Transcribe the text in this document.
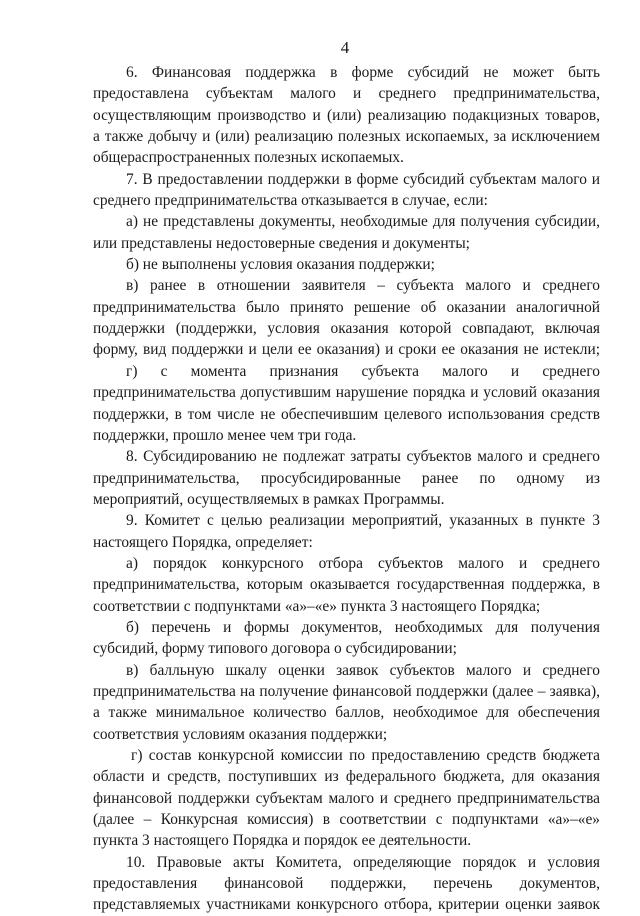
4
6. Финансовая поддержка в форме субсидий не может быть
предоставлена субъектам малого и среднего предпринимательства,
осуществляющим производство и (или) реализацию подакцизных товаров,
а также добычу и (или) реализацию полезных ископаемых, за исключением
общераспространенных полезных ископаемых.
7. В предоставлении поддержки в форме субсидий субъектам малого и
среднего предпринимательства отказывается в случае, если:
а) не представлены документы, необходимые для получения субсидии,
или представлены недостоверные сведения и документы;
б) не выполнены условия оказания поддержки;
в) ранее в отношении заявителя – субъекта малого и среднего
предпринимательства было принято решение об оказании аналогичной
поддержки (поддержки, условия оказания которой совпадают, включая
форму, вид поддержки и цели ее оказания) и сроки ее оказания не истекли;
г) с момента признания субъекта малого и среднего
предпринимательства допустившим нарушение порядка и условий оказания
поддержки, в том числе не обеспечившим целевого использования средств
поддержки, прошло менее чем три года.
8. Субсидированию не подлежат затраты субъектов малого и среднего
предпринимательства, просубсидированные ранее по одному из
мероприятий, осуществляемых в рамках Программы.
9. Комитет с целью реализации мероприятий, указанных в пункте 3
настоящего Порядка, определяет:
а) порядок конкурсного отбора субъектов малого и среднего
предпринимательства, которым оказывается государственная поддержка, в
соответствии с подпунктами «а»–«е» пункта 3 настоящего Порядка;
б) перечень и формы документов, необходимых для получения
субсидий, форму типового договора о субсидировании;
в) балльную шкалу оценки заявок субъектов малого и среднего
предпринимательства на получение финансовой поддержки (далее – заявка),
а также минимальное количество баллов, необходимое для обеспечения
соответствия условиям оказания поддержки;
г) состав конкурсной комиссии по предоставлению средств бюджета
области и средств, поступивших из федерального бюджета, для оказания
финансовой поддержки субъектам малого и среднего предпринимательства
(далее – Конкурсная комиссия) в соответствии с подпунктами «а»–«е»
пункта 3 настоящего Порядка и порядок ее деятельности.
10. Правовые акты Комитета, определяющие порядок и условия
предоставления финансовой поддержки, перечень документов,
представляемых участниками конкурсного отбора, критерии оценки заявок
